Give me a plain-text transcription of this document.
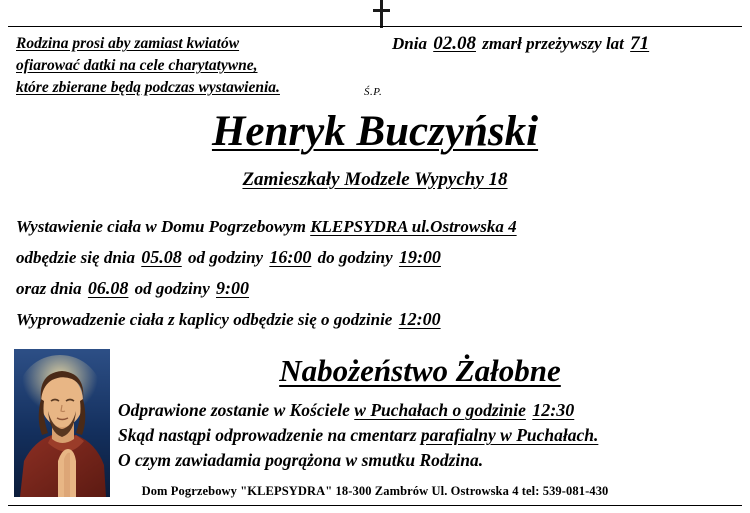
Rodzina prosi aby zamiast kwiatów
ofiarować datki na cele charytatywne,
które zbierane będą podczas wystawienia.
Dnia 02.08 zmarł przeżywszy lat 71
Ś.P.
Henryk Buczyński
Zamieszkały Modzele Wypychy 18
Wystawienie ciała w Domu Pogrzebowym KLEPSYDRA ul.Ostrowska 4
odbędzie się dnia 05.08 od godziny 16:00 do godziny 19:00
oraz dnia 06.08 od godziny 9:00
Wyprowadzenie ciała z kaplicy odbędzie się o godzinie 12:00
Nabożeństwo Żałobne
Odprawione zostanie w Kościele w Puchałach o godzinie 12:30
Skąd nastąpi odprowadzenie na cmentarz parafialny w Puchałach.
O czym zawiadamia pogrążona w smutku Rodzina.
Dom Pogrzebowy "KLEPSYDRA" 18-300 Zambrów Ul. Ostrowska 4 tel: 539-081-430
